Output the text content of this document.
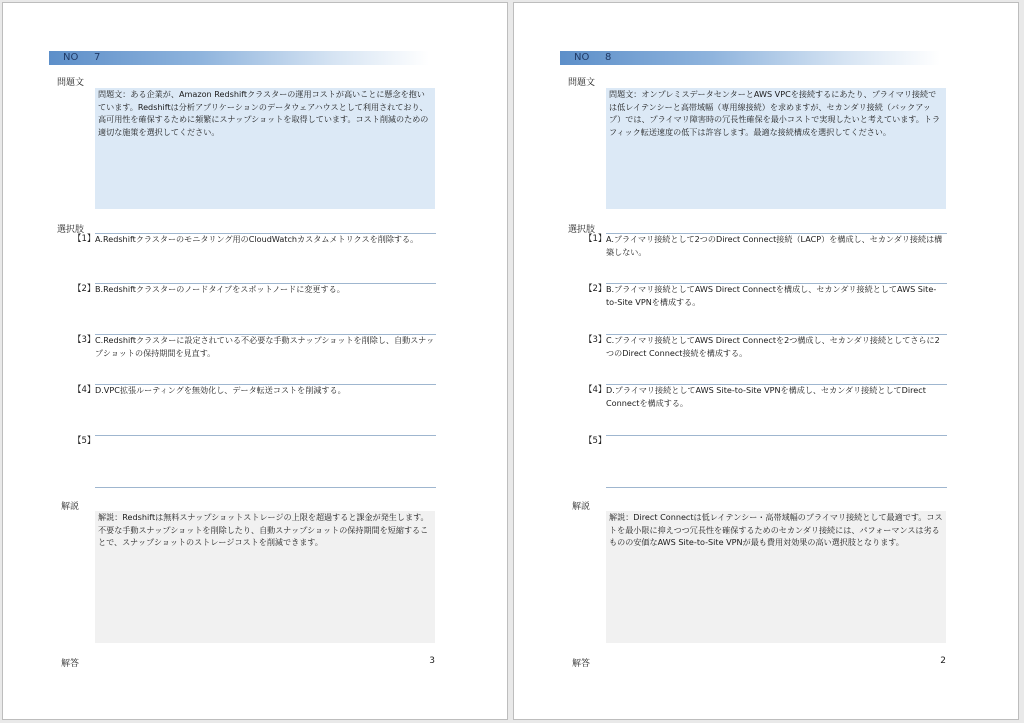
NO 7
問題文
問題文：ある企業が、Amazon Redshiftクラスターの運用コストが高いことに懸念を抱いています。Redshiftは分析アプリケーションのデータウェアハウスとして利用されており、高可用性を確保するために頻繁にスナップショットを取得しています。コスト削減のための適切な施策を選択してください。
選択肢
【1】 A.Redshiftクラスターのモニタリング用のCloudWatchカスタムメトリクスを削除する。
【2】 B.Redshiftクラスターのノードタイプをスポットノードに変更する。
【3】 C.Redshiftクラスターに設定されている不必要な手動スナップショットを削除し、自動スナップショットの保持期間を見直す。
【4】 D.VPC拡張ルーティングを無効化し、データ転送コストを削減する。
【5】
解説
解説：Redshiftは無料スナップショットストレージの上限を超過すると課金が発生します。不要な手動スナップショットを削除したり、自動スナップショットの保持期間を短縮することで、スナップショットのストレージコストを削減できます。
解答	3
NO 8
問題文
問題文：オンプレミスデータセンターとAWS VPCを接続するにあたり、プライマリ接続では低レイテンシーと高帯域幅（専用線接続）を求めますが、セカンダリ接続（バックアップ）では、プライマリ障害時の冗長性確保を最小コストで実現したいと考えています。トラフィック転送速度の低下は許容します。最適な接続構成を選択してください。
選択肢
【1】 A.プライマリ接続として2つのDirect Connect接続（LACP）を構成し、セカンダリ接続は構築しない。
【2】 B.プライマリ接続としてAWS Direct Connectを構成し、セカンダリ接続としてAWS Site-to-Site VPNを構成する。
【3】 C.プライマリ接続としてAWS Direct Connectを2つ構成し、セカンダリ接続としてさらに2つのDirect Connect接続を構成する。
【4】 D.プライマリ接続としてAWS Site-to-Site VPNを構成し、セカンダリ接続としてDirect Connectを構成する。
【5】
解説
解説：Direct Connectは低レイテンシー・高帯域幅のプライマリ接続として最適です。コストを最小限に抑えつつ冗長性を確保するためのセカンダリ接続には、パフォーマンスは劣るものの安価なAWS Site-to-Site VPNが最も費用対効果の高い選択肢となります。
解答	2
